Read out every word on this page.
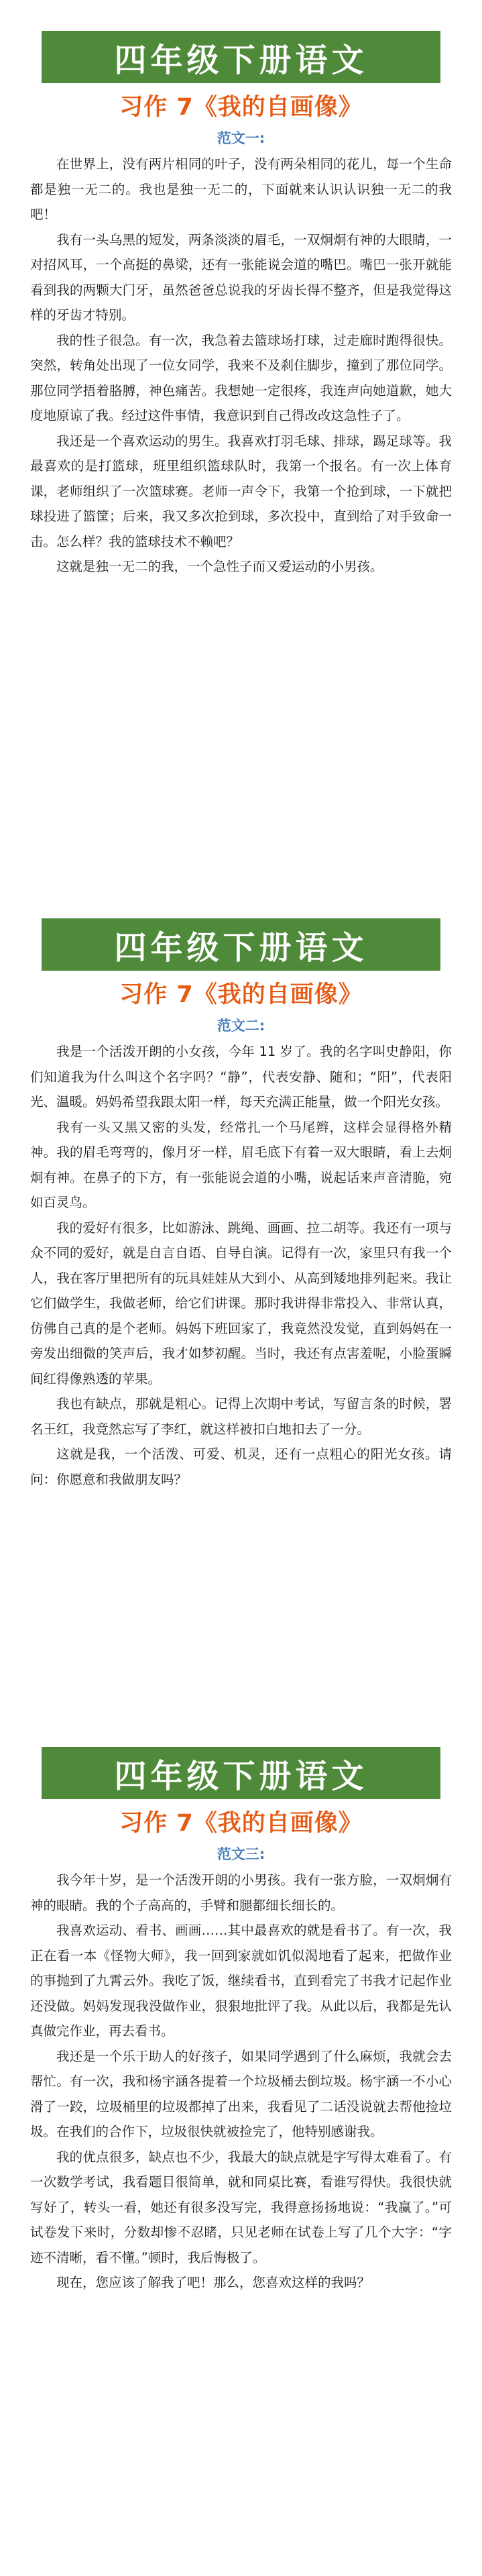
四年级下册语文
习作 7《我的自画像》
范文一:

在世界上，没有两片相同的叶子，没有两朵相同的花儿，每一个生命都是独一无二的。我也是独一无二的，下面就来认识认识独一无二的我吧！

我有一头乌黑的短发，两条淡淡的眉毛，一双炯炯有神的大眼睛，一对招风耳，一个高挺的鼻梁，还有一张能说会道的嘴巴。嘴巴一张开就能看到我的两颗大门牙，虽然爸爸总说我的牙齿长得不整齐，但是我觉得这样的牙齿才特别。

我的性子很急。有一次，我急着去篮球场打球，过走廊时跑得很快。突然，转角处出现了一位女同学，我来不及刹住脚步，撞到了那位同学。那位同学捂着胳膊，神色痛苦。我想她一定很疼，我连声向她道歉，她大度地原谅了我。经过这件事情，我意识到自己得改改这急性子了。

我还是一个喜欢运动的男生。我喜欢打羽毛球、排球，踢足球等。我最喜欢的是打篮球，班里组织篮球队时，我第一个报名。有一次上体育课，老师组织了一次篮球赛。老师一声令下，我第一个抢到球，一下就把球投进了篮筐；后来，我又多次抢到球，多次投中，直到给了对手致命一击。怎么样？我的篮球技术不赖吧？

这就是独一无二的我，一个急性子而又爱运动的小男孩。

四年级下册语文
习作 7《我的自画像》
范文二:

我是一个活泼开朗的小女孩，今年 11 岁了。我的名字叫史静阳，你们知道我为什么叫这个名字吗？“静”，代表安静、随和；“阳”，代表阳光、温暖。妈妈希望我跟太阳一样，每天充满正能量，做一个阳光女孩。

我有一头又黑又密的头发，经常扎一个马尾辫，这样会显得格外精神。我的眉毛弯弯的，像月牙一样，眉毛底下有着一双大眼睛，看上去炯炯有神。在鼻子的下方，有一张能说会道的小嘴，说起话来声音清脆，宛如百灵鸟。

我的爱好有很多，比如游泳、跳绳、画画、拉二胡等。我还有一项与众不同的爱好，就是自言自语、自导自演。记得有一次，家里只有我一个人，我在客厅里把所有的玩具娃娃从大到小、从高到矮地排列起来。我让它们做学生，我做老师，给它们讲课。那时我讲得非常投入、非常认真，仿佛自己真的是个老师。妈妈下班回家了，我竟然没发觉，直到妈妈在一旁发出细微的笑声后，我才如梦初醒。当时，我还有点害羞呢，小脸蛋瞬间红得像熟透的苹果。

我也有缺点，那就是粗心。记得上次期中考试，写留言条的时候，署名王红，我竟然忘写了李红，就这样被扣白地扣去了一分。

这就是我，一个活泼、可爱、机灵，还有一点粗心的阳光女孩。请问：你愿意和我做朋友吗？

四年级下册语文
习作 7《我的自画像》
范文三:

我今年十岁，是一个活泼开朗的小男孩。我有一张方脸，一双炯炯有神的眼睛。我的个子高高的，手臂和腿都细长细长的。

我喜欢运动、看书、画画……其中最喜欢的就是看书了。有一次，我正在看一本《怪物大师》，我一回到家就如饥似渴地看了起来，把做作业的事抛到了九霄云外。我吃了饭，继续看书，直到看完了书我才记起作业还没做。妈妈发现我没做作业，狠狠地批评了我。从此以后，我都是先认真做完作业，再去看书。

我还是一个乐于助人的好孩子，如果同学遇到了什么麻烦，我就会去帮忙。有一次，我和杨宇涵各提着一个垃圾桶去倒垃圾。杨宇涵一不小心滑了一跤，垃圾桶里的垃圾都掉了出来，我看见了二话没说就去帮他捡垃圾。在我们的合作下，垃圾很快就被捡完了，他特别感谢我。

我的优点很多，缺点也不少，我最大的缺点就是字写得太难看了。有一次数学考试，我看题目很简单，就和同桌比赛，看谁写得快。我很快就写好了，转头一看，她还有很多没写完，我得意扬扬地说：“我赢了。”可试卷发下来时，分数却惨不忍睹，只见老师在试卷上写了几个大字：“字迹不清晰，看不懂。”顿时，我后悔极了。

现在，您应该了解我了吧！那么，您喜欢这样的我吗？
